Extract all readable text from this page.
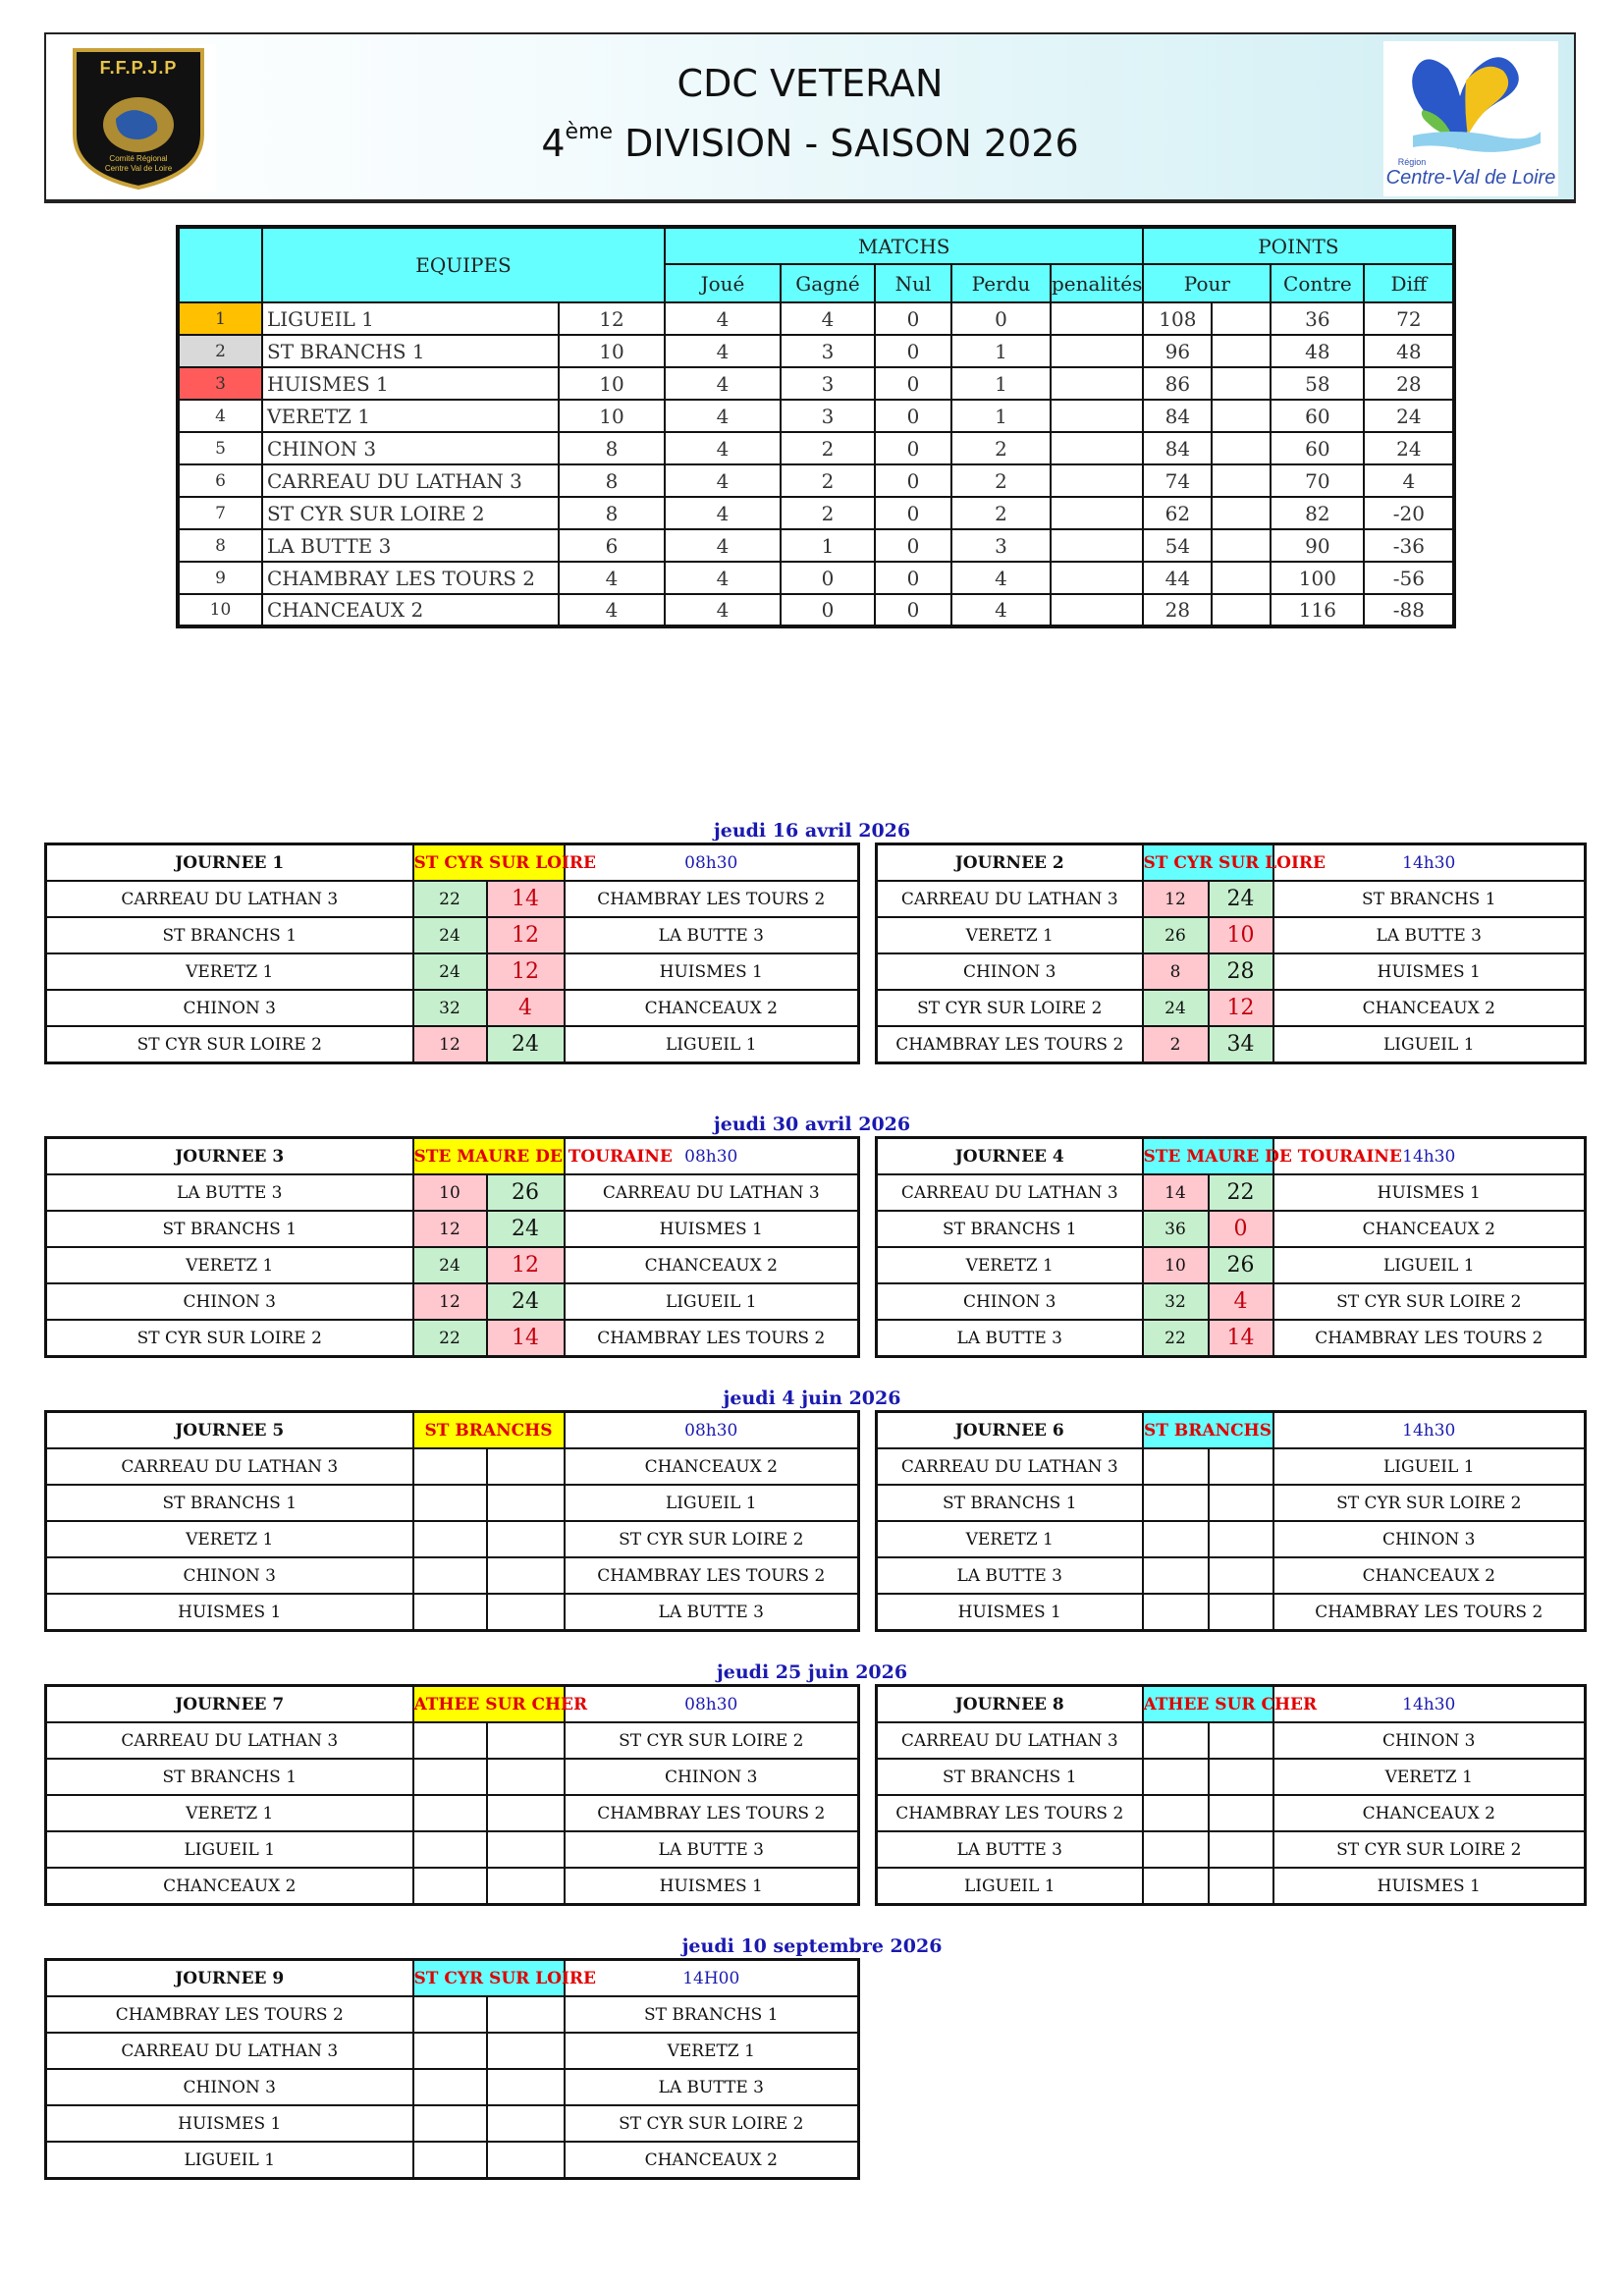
F.F.P.J.P
Comité Régional Centre Val de Loire
CDC VETERAN
4ème DIVISION - SAISON 2026	Région
Centre-Val de Loire
	EQUIPES		MATCHS					POINTS			
			Joué	Gagné	Nul	Perdu	penalités	Pour		Contre	Diff
1	LIGUEIL 1	12	4	4	0	0		108		36	72
2	ST BRANCHS 1	10	4	3	0	1		96		48	48
3	HUISMES 1	10	4	3	0	1		86		58	28
4	VERETZ 1	10	4	3	0	1		84		60	24
5	CHINON 3	8	4	2	0	2		84		60	24
6	CARREAU DU LATHAN 3	8	4	2	0	2		74		70	4
7	ST CYR SUR LOIRE 2	8	4	2	0	2		62		82	-20
8	LA BUTTE 3	6	4	1	0	3		54		90	-36
9	CHAMBRAY LES TOURS 2	4	4	0	0	4		44		100	-56
10	CHANCEAUX 2	4	4	0	0	4		28		116	-88
jeudi 16 avril 2026
JOURNEE 1	ST CYR SUR LOIRE		08h30
CARREAU DU LATHAN 3	22	14	CHAMBRAY LES TOURS 2
ST BRANCHS 1	24	12	LA BUTTE 3
VERETZ 1	24	12	HUISMES 1
CHINON 3	32	4	CHANCEAUX 2
ST CYR SUR LOIRE 2	12	24	LIGUEIL 1
JOURNEE 2	ST CYR SUR LOIRE		14h30
CARREAU DU LATHAN 3	12	24	ST BRANCHS 1
VERETZ 1	26	10	LA BUTTE 3
CHINON 3	8	28	HUISMES 1
ST CYR SUR LOIRE 2	24	12	CHANCEAUX 2
CHAMBRAY LES TOURS 2	2	34	LIGUEIL 1
jeudi 30 avril 2026
JOURNEE 3	STE MAURE DE TOURAINE		08h30
LA BUTTE 3	10	26	CARREAU DU LATHAN 3
ST BRANCHS 1	12	24	HUISMES 1
VERETZ 1	24	12	CHANCEAUX 2
CHINON 3	12	24	LIGUEIL 1
ST CYR SUR LOIRE 2	22	14	CHAMBRAY LES TOURS 2
JOURNEE 4	STE MAURE DE TOURAINE		14h30
CARREAU DU LATHAN 3	14	22	HUISMES 1
ST BRANCHS 1	36	0	CHANCEAUX 2
VERETZ 1	10	26	LIGUEIL 1
CHINON 3	32	4	ST CYR SUR LOIRE 2
LA BUTTE 3	22	14	CHAMBRAY LES TOURS 2
jeudi 4 juin 2026
JOURNEE 5	ST BRANCHS		08h30
CARREAU DU LATHAN 3			CHANCEAUX 2
ST BRANCHS 1			LIGUEIL 1
VERETZ 1			ST CYR SUR LOIRE 2
CHINON 3			CHAMBRAY LES TOURS 2
HUISMES 1			LA BUTTE 3
JOURNEE 6	ST BRANCHS		14h30
CARREAU DU LATHAN 3			LIGUEIL 1
ST BRANCHS 1			ST CYR SUR LOIRE 2
VERETZ 1			CHINON 3
LA BUTTE 3			CHANCEAUX 2
HUISMES 1			CHAMBRAY LES TOURS 2
jeudi 25 juin 2026
JOURNEE 7	ATHEE SUR CHER		08h30
CARREAU DU LATHAN 3			ST CYR SUR LOIRE 2
ST BRANCHS 1			CHINON 3
VERETZ 1			CHAMBRAY LES TOURS 2
LIGUEIL 1			LA BUTTE 3
CHANCEAUX 2			HUISMES 1
JOURNEE 8	ATHEE SUR CHER		14h30
CARREAU DU LATHAN 3			CHINON 3
ST BRANCHS 1			VERETZ 1
CHAMBRAY LES TOURS 2			CHANCEAUX 2
LA BUTTE 3			ST CYR SUR LOIRE 2
LIGUEIL 1			HUISMES 1
jeudi 10 septembre 2026
JOURNEE 9	ST CYR SUR LOIRE		14H00
CHAMBRAY LES TOURS 2			ST BRANCHS 1
CARREAU DU LATHAN 3			VERETZ 1
CHINON 3			LA BUTTE 3
HUISMES 1			ST CYR SUR LOIRE 2
LIGUEIL 1			CHANCEAUX 2
